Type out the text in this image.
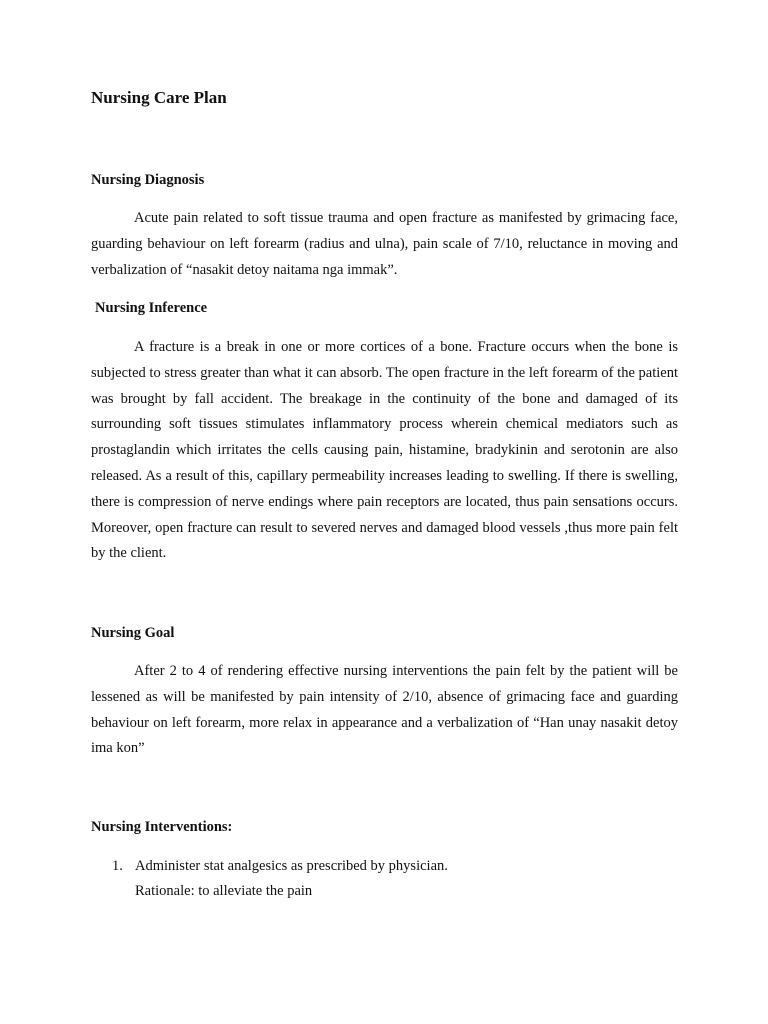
Nursing Care Plan
Nursing Diagnosis

Acute pain related to soft tissue trauma and open fracture as manifested by grimacing face, guarding behaviour on left forearm (radius and ulna), pain scale of 7/10, reluctance in moving and verbalization of “nasakit detoy naitama nga immak”.

Nursing Inference

A fracture is a break in one or more cortices of a bone. Fracture occurs when the bone is subjected to stress greater than what it can absorb. The open fracture in the left forearm of the patient was brought by fall accident. The breakage in the continuity of the bone and damaged of its surrounding soft tissues stimulates inflammatory process wherein chemical mediators such as prostaglandin which irritates the cells causing pain, histamine, bradykinin and serotonin are also released. As a result of this, capillary permeability increases leading to swelling. If there is swelling, there is compression of nerve endings where pain receptors are located, thus pain sensations occurs. Moreover, open fracture can result to severed nerves and damaged blood vessels ,thus more pain felt by the client.

Nursing Goal

After 2 to 4 of rendering effective nursing interventions the pain felt by the patient will be lessened as will be manifested by pain intensity of 2/10, absence of grimacing face and guarding behaviour on left forearm, more relax in appearance and a verbalization of “Han unay nasakit detoy ima kon”

Nursing Interventions:
1. Administer stat analgesics as prescribed by physician.
Rationale: to alleviate the pain
